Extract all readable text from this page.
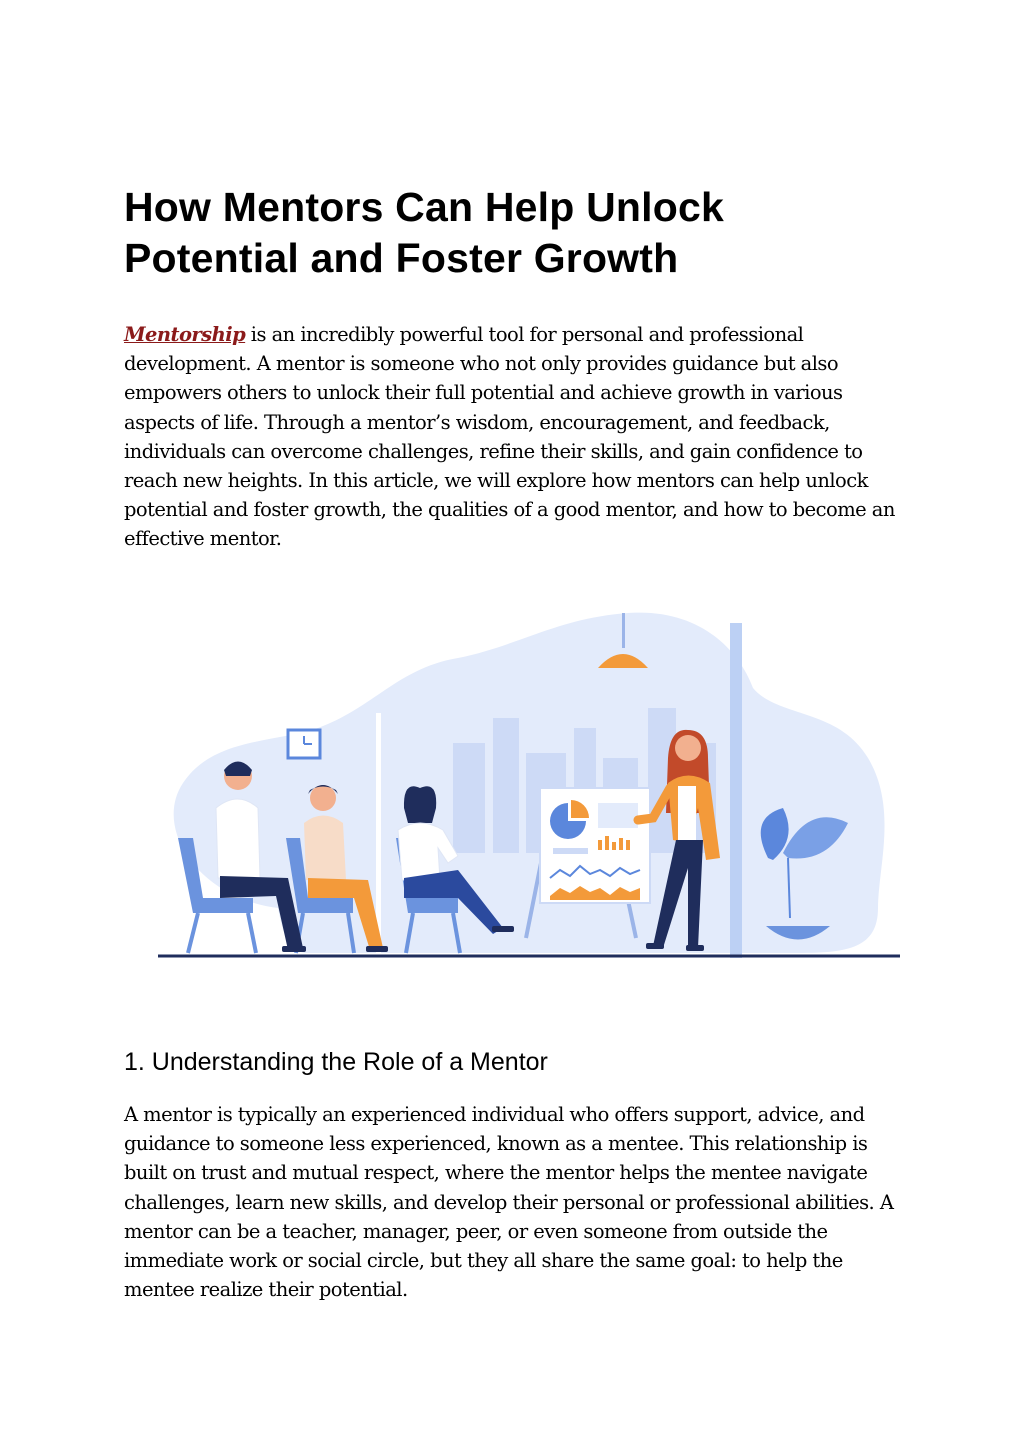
How Mentors Can Help Unlock Potential and Foster Growth

Mentorship is an incredibly powerful tool for personal and professional development. A mentor is someone who not only provides guidance but also empowers others to unlock their full potential and achieve growth in various aspects of life. Through a mentor’s wisdom, encouragement, and feedback, individuals can overcome challenges, refine their skills, and gain confidence to reach new heights. In this article, we will explore how mentors can help unlock potential and foster growth, the qualities of a good mentor, and how to become an effective mentor.

1. Understanding the Role of a Mentor

A mentor is typically an experienced individual who offers support, advice, and guidance to someone less experienced, known as a mentee. This relationship is built on trust and mutual respect, where the mentor helps the mentee navigate challenges, learn new skills, and develop their personal or professional abilities. A mentor can be a teacher, manager, peer, or even someone from outside the immediate work or social circle, but they all share the same goal: to help the mentee realize their potential.
